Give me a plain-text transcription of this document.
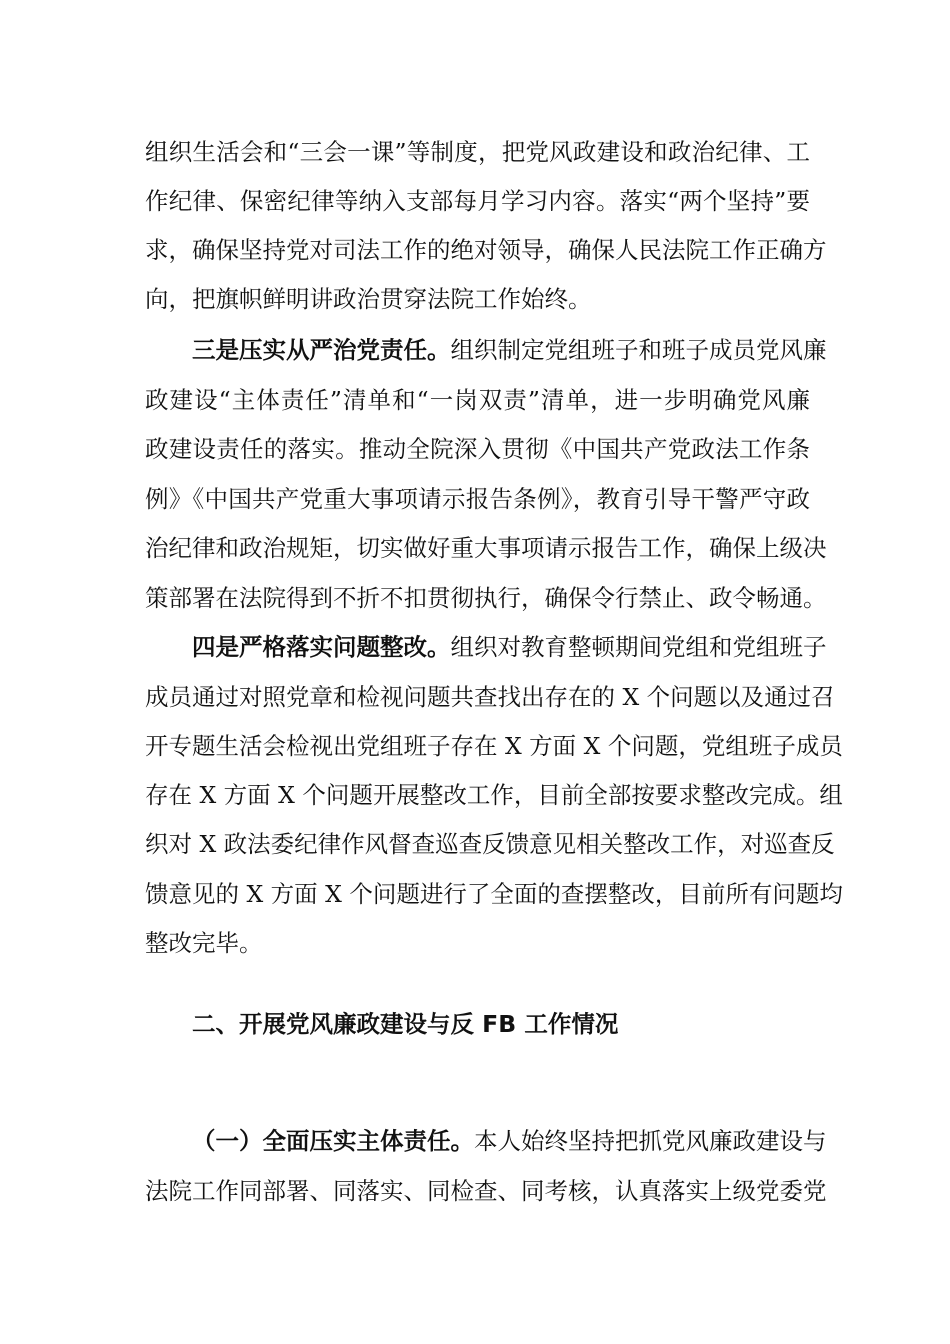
组织生活会和“三会一课”等制度，把党风政建设和政治纪律、工
作纪律、保密纪律等纳入支部每月学习内容。落实“两个坚持”要
求，确保坚持党对司法工作的绝对领导，确保人民法院工作正确方
向，把旗帜鲜明讲政治贯穿法院工作始终。
三是压实从严治党责任。组织制定党组班子和班子成员党风廉
政建设“主体责任”清单和“一岗双责”清单，进一步明确党风廉
政建设责任的落实。推动全院深入贯彻《中国共产党政法工作条
例》《中国共产党重大事项请示报告条例》，教育引导干警严守政
治纪律和政治规矩，切实做好重大事项请示报告工作，确保上级决
策部署在法院得到不折不扣贯彻执行，确保令行禁止、政令畅通。
四是严格落实问题整改。组织对教育整顿期间党组和党组班子
成员通过对照党章和检视问题共查找出存在的 X 个问题以及通过召
开专题生活会检视出党组班子存在 X 方面 X 个问题，党组班子成员
存在 X 方面 X 个问题开展整改工作，目前全部按要求整改完成。组
织对 X 政法委纪律作风督查巡查反馈意见相关整改工作，对巡查反
馈意见的 X 方面 X 个问题进行了全面的查摆整改，目前所有问题均
整改完毕。
二、开展党风廉政建设与反 FB 工作情况
（一）全面压实主体责任。本人始终坚持把抓党风廉政建设与
法院工作同部署、同落实、同检查、同考核，认真落实上级党委党
